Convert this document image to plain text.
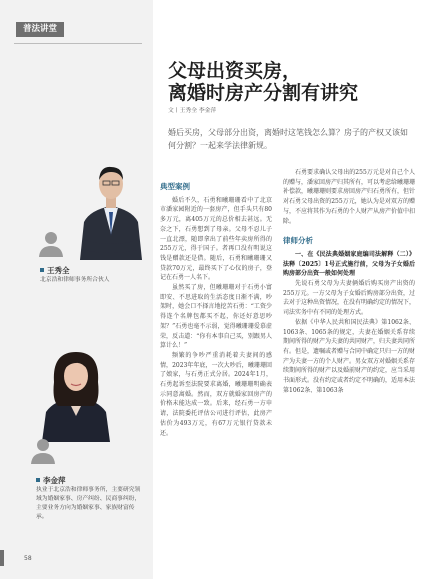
普法讲堂
王秀全
北京浩和律师事务所合伙人
李金萍
执业于北京浩和律师事务所，主要研究领域为婚姻家事、房产纠纷、民商事纠纷，主要业务方向为婚姻家事、家族财富传承。
58
父母出资买房，
离婚时房产分割有讲究
文丨王秀全 李金萍
婚后买房，父母部分出资，离婚时这笔钱怎么算？房子的产权又该如何分割？一起来学法律新规。
典型案例

婚后不久，石勇和曦珊珊看中了北京市潘家园附近的一套房产，但手头只有80多万元，离405万元的总价相去甚远。无奈之下，石勇想到了母亲。父母不忍儿子一直北漂，随即拿出了前些年卖房所得的255万元，得于国子。者再口没有明说这钱是赠款还是借。随后，石勇和曦珊珊又贷款70万元，最终买下了心仪的房子，登记在石勇一人名下。

虽然买了房，但曦珊珊对于石勇小富即安、不思进取的生活态度日渐不满，吵架时，她会口不择言地挖苦石勇：“工资少得连个名牌包都买不起，你还好意思吵架？”石勇也毫不示弱，觉得曦珊珊爱慕虚荣，反击道：“你有本事自己买，别跟男人算计么！”

频繁的争吵严重消耗着夫妻间的感情，2023年年底，一次大吵后，曦珊珊回了娘家，与石勇正式分居。2024年1月，石勇起诉至法院要求离婚，曦珊珊明确表示同意离婚。然而，双方就婚家回房产的价格未能达成一致。后来，经石勇一方申请，法院委托评估公司进行评估，此房产估价为493万元，有67万元银行贷款未还。

石勇要求确认父母出的255万元是对自己个人的赠与，潘家回房产归其所有，可以考虑给曦珊珊补偿款，曦珊珊则要求房回房产归石勇所有，但针对石勇父母出资的255万元，她认为是对双方的赠与，不应将其作为石勇的个人财产从房产价值中扣除。

律师分析

一、在《民法典婚姻家庭编司法解释（二）》法释〔2025〕1号正式施行前，父母为子女婚后购房部分出资一般如何处理

先说石勇父母为夫妻俩婚后购买房产出资的255万元。一方父母为子女婚后购房部分出资，过去对于这种出资情况，在没有明确约定的情况下，司法实务中有不同的处理方式。

依据《中华人民共和国民法典》第1062条、1063条、1065条的规定，夫妻在婚姻关系存续期间所得的财产为夫妻的共同财产，归夫妻共同所有。但是，遗嘱或者赠与合同中确定只归一方的财产为夫妻一方的个人财产。男女双方对婚姻关系存续期间所得的财产以及婚前财产的约定，应当采用书面形式。没有约定或者约定不明确的，适用本法第1062条、第1063条
